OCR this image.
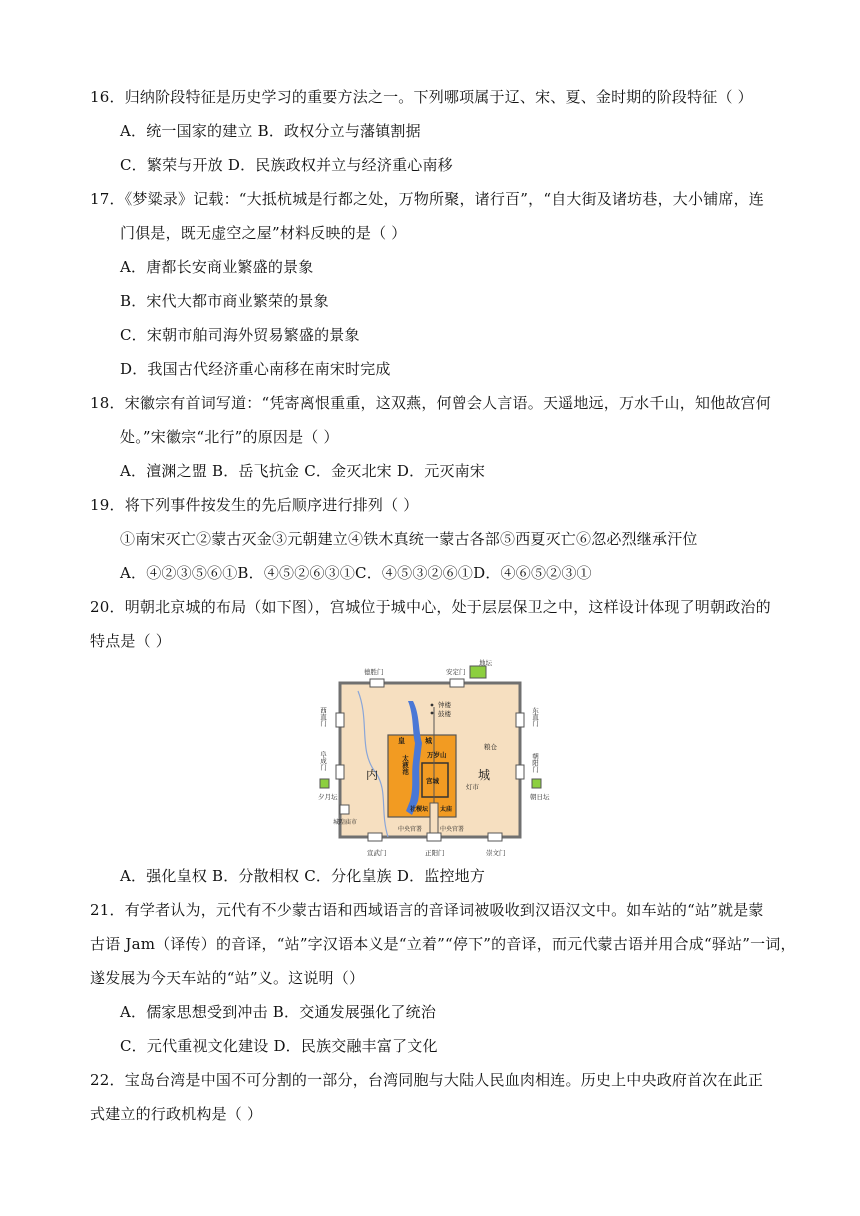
16．归纳阶段特征是历史学习的重要方法之一。下列哪项属于辽、宋、夏、金时期的阶段特征（ ）
A．统一国家的建立 B．政权分立与藩镇割据
C．繁荣与开放 D．民族政权并立与经济重心南移
17．《梦粱录》记载：“大抵杭城是行都之处，万物所聚，诸行百”，“自大街及诸坊巷，大小铺席，连
门俱是，既无虚空之屋”材料反映的是（ ）
A．唐都长安商业繁盛的景象
B．宋代大都市商业繁荣的景象
C．宋朝市舶司海外贸易繁盛的景象
D．我国古代经济重心南移在南宋时完成
18．宋徽宗有首词写道：“凭寄离恨重重，这双燕，何曾会人言语。天遥地远，万水千山，知他故宫何
处。”宋徽宗“北行”的原因是（ ）
A．澶渊之盟 B．岳飞抗金 C．金灭北宋 D．元灭南宋
19．将下列事件按发生的先后顺序进行排列（ ）
①南宋灭亡②蒙古灭金③元朝建立④铁木真统一蒙古各部⑤西夏灭亡⑥忽必烈继承汗位
A．④②③⑤⑥①B．④⑤②⑥③①C．④⑤③②⑥①D．④⑥⑤②③①
20．明朝北京城的布局（如下图），宫城位于城中心，处于层层保卫之中，这样设计体现了明朝政治的
特点是（ ）
A．强化皇权 B．分散相权 C．分化皇族 D．监控地方
21．有学者认为，元代有不少蒙古语和西域语言的音译词被吸收到汉语汉文中。如车站的“站”就是蒙
古语 Jam（译传）的音译，“站”字汉语本义是“立着”“停下”的音译，而元代蒙古语并用合成“驿站”一词，
遂发展为今天车站的“站”义。这说明（）
A．儒家思想受到冲击 B．交通发展强化了统治
C．元代重视文化建设 D．民族交融丰富了文化
22．宝岛台湾是中国不可分割的一部分，台湾同胞与大陆人民血肉相连。历史上中央政府首次在此正
式建立的行政机构是（ ）
德胜门	安定门
地坛
西直门	东直门
阜成门	朝阳门
夕月坛	朝日坛
钟楼
鼓楼
皇	城
万岁山
粮仓
内	城
太液池
宫城
灯市
社稷坛 太庙
城隍庙市
中央官署	中央官署
宣武门	正阳门	崇文门
